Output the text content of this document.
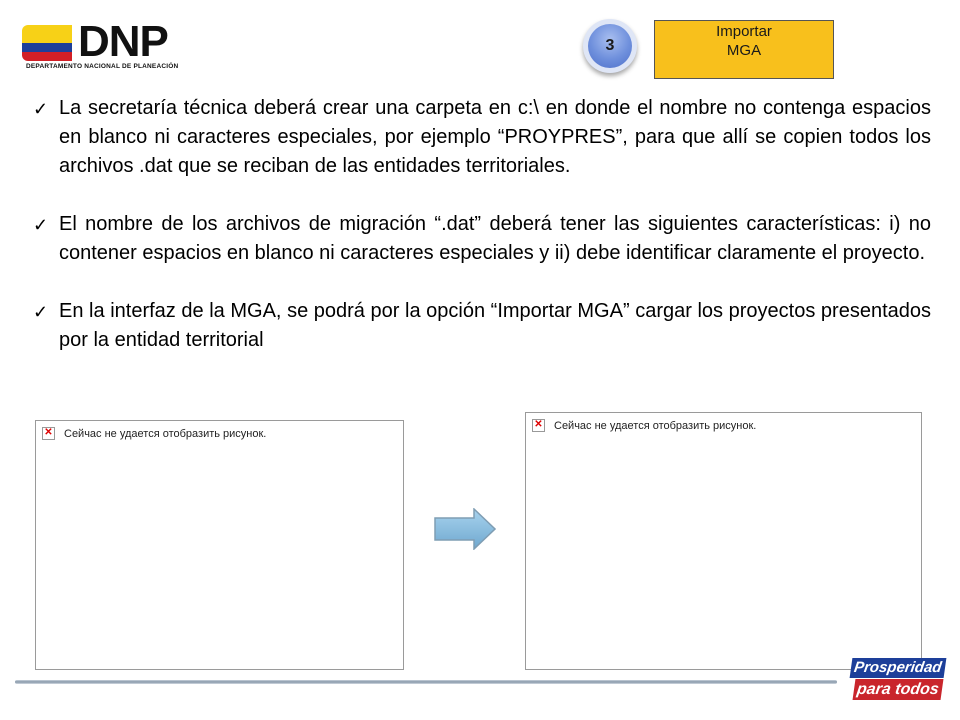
DNP
DEPARTAMENTO NACIONAL DE PLANEACIÓN
3
Importar
MGA
✓ La secretaría técnica deberá crear una carpeta en c:\ en donde el nombre no contenga espacios en blanco ni caracteres especiales, por ejemplo “PROYPRES”, para que allí se copien todos los archivos .dat que se reciban de las entidades territoriales.

✓ El nombre de los archivos de migración “.dat” deberá tener las siguientes características: i) no contener espacios en blanco ni caracteres especiales y ii) debe identificar claramente el proyecto.

✓ En la interfaz de la MGA, se podrá por la opción “Importar MGA” cargar los proyectos presentados por la entidad territorial

✕ Сейчас не удается отобразить рисунок.
✕ Сейчас не удается отобразить рисунок.
Prosperidad
para todos
